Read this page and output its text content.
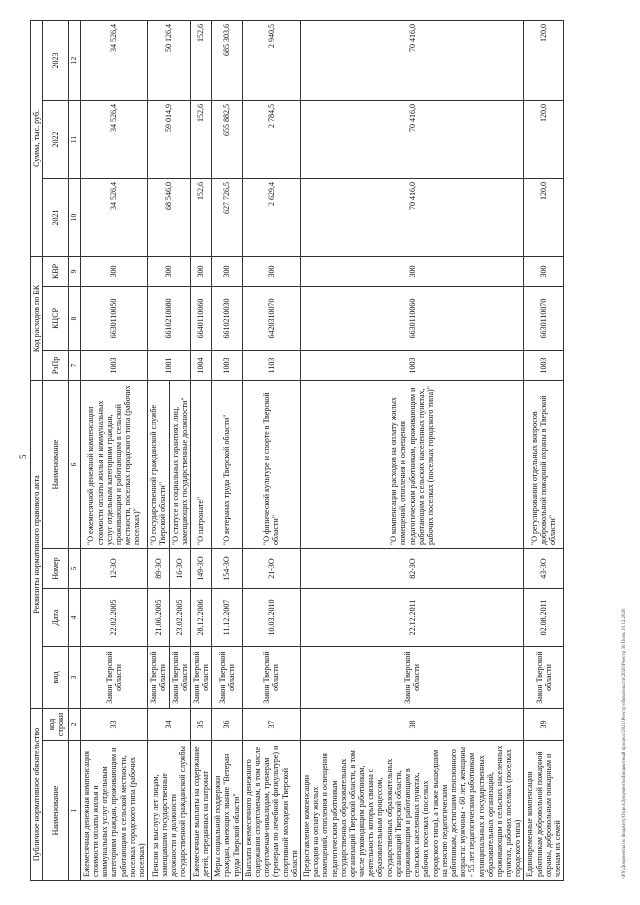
5
Публичное нормативное обязательство		Реквизиты нормативного правового акта				Код расходов по БК			Сумма, тыс. руб.		
Наименование	код строки	вид	Дата	Номер	Наименование	РзПр	КЦСР	КВР	2021	2022	2023
1	2	3	4	5	6	7	8	9	10	11	12
Ежемесячная денежная компенсация стоимости оплаты жилья и коммунальных услуг отдельным категориям граждан, проживающим и работающим в сельской местности, поселках городского типа (рабочих поселках)	33	Закон Тверской области	22.02.2005	12-ЗО	"О ежемесячной денежной компенсации стоимости оплаты жилья и коммунальных услуг отдельным категориям граждан, проживающим и работающим в сельской местности, поселках городского типа (рабочих поселках)"	1003	6630110050	300	34 526,4	34 526,4	34 526,4
Пенсии за выслугу лет лицам, замещавшим государственные должности и должности государственной гражданской службы	34	Закон Тверской области	21.06.2005	89-ЗО	"О государственной гражданской службе Тверской области"	1001	6610210080	300	68 546,0	59 014,9	50 126,4
		Закон Тверской области	23.02.2005	16-ЗО	"О статусе и социальных гарантиях лиц, замещающих государственные должности"						
Ежемесячные выплаты на содержание детей, переданных на патронат	35	Закон Тверской области	28.12.2006	149-ЗО	"О патронате"	1004	6640110060	300	152,6	152,6	152,6
Меры социальной поддержки граждан, имеющих звание "Ветеран труда Тверской области"	36	Закон Тверской области	11.12.2007	154-ЗО	"О ветеранах труда Тверской области"	1003	6610210030	300	627 726,5	655 882,5	685 303,6
Выплата ежемесячного денежного содержания спортсменам, в том числе спортсменам-инвалидам, тренерам (тренерам по лечебной физкультуре) и спортивной молодежи Тверской области	37	Закон Тверской области	10.03.2010	21-ЗО	"О физической культуре и спорте в Тверской области"	1103	6420310070	300	2 629,4	2 784,5	2 940,5
Предоставление компенсации расходов на оплату жилых помещений, отопления и освещения педагогическим работникам государственных образовательных организаций Тверской области, в том числе руководящим работникам, деятельность которых связана с образовательным процессом, государственных образовательных организаций Тверской области, проживающим и работающим в сельских населенных пунктах, рабочих поселках (поселках городского типа), а также вышедшим на пенсию педагогическим работникам, достигшим пенсионного возраста: мужчины - 60 лет, женщины - 55 лет педагогическим работникам муниципальных и государственных образовательных организаций, проживающим в сельских населенных пунктах, рабочих поселках (поселках городского типа)	38	Закон Тверской области	22.12.2011	82-ЗО	"О компенсации расходов на оплату жилых помещений, отопления и освещения педагогическим работникам, проживающим и работающим в сельских населенных пунктах, рабочих поселках (поселках городского типа)"	1003	6630110060	300	70 416,0	70 416,0	70 416,0
Единовременные компенсации работникам добровольной пожарной охраны, добровольным пожарным и членам их семей	39	Закон Тверской области	02.08.2011	43-ЗО	"О регулировании отдельных вопросов добровольной пожарной охраны в Тверской области"	1003	6630110070	300	120,0	120,0	120,0
\\FS\Документы по бюджету\Отдел\Документы\Бюджетный процесс\2021\Реестр обязательств\2020\Реестр 30 Полк 19.12.2020
